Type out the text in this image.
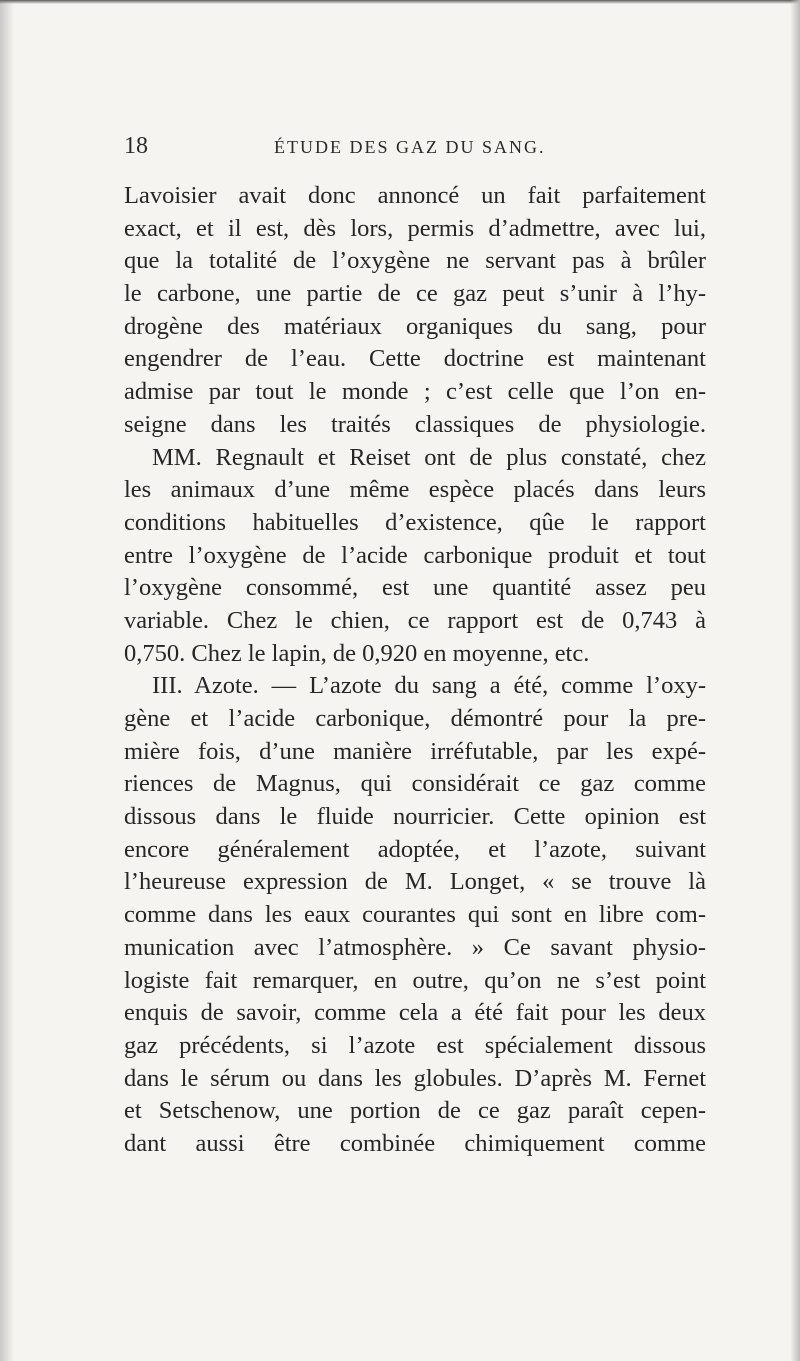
18	ÉTUDE DES GAZ DU SANG.
Lavoisier avait donc annoncé un fait parfaitement
exact, et il est, dès lors, permis d’admettre, avec lui,
que la totalité de l’oxygène ne servant pas à brûler
le carbone, une partie de ce gaz peut s’unir à l’hy-
drogène des matériaux organiques du sang, pour
engendrer de l’eau. Cette doctrine est maintenant
admise par tout le monde ; c’est celle que l’on en-
seigne dans les traités classiques de physiologie.
MM. Regnault et Reiset ont de plus constaté, chez
les animaux d’une même espèce placés dans leurs
conditions habituelles d’existence, qûe le rapport
entre l’oxygène de l’acide carbonique produit et tout
l’oxygène consommé, est une quantité assez peu
variable. Chez le chien, ce rapport est de 0,743 à
0,750. Chez le lapin, de 0,920 en moyenne, etc.
III. Azote. — L’azote du sang a été, comme l’oxy-
gène et l’acide carbonique, démontré pour la pre-
mière fois, d’une manière irréfutable, par les expé-
riences de Magnus, qui considérait ce gaz comme
dissous dans le fluide nourricier. Cette opinion est
encore généralement adoptée, et l’azote, suivant
l’heureuse expression de M. Longet, « se trouve là
comme dans les eaux courantes qui sont en libre com-
munication avec l’atmosphère. » Ce savant physio-
logiste fait remarquer, en outre, qu’on ne s’est point
enquis de savoir, comme cela a été fait pour les deux
gaz précédents, si l’azote est spécialement dissous
dans le sérum ou dans les globules. D’après M. Fernet
et Setschenow, une portion de ce gaz paraît cepen-
dant aussi être combinée chimiquement comme
